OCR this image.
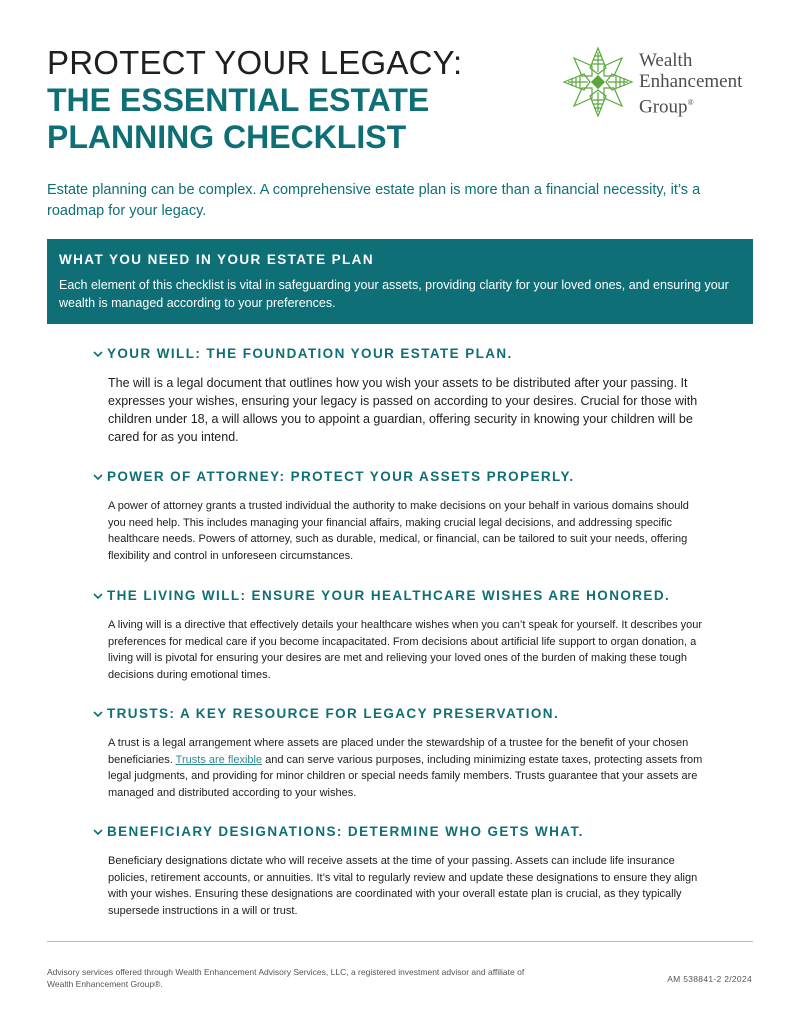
PROTECT YOUR LEGACY:
THE ESSENTIAL ESTATE PLANNING CHECKLIST
Wealth
Enhancement
Group®
Estate planning can be complex. A comprehensive estate plan is more than a financial necessity, it’s a roadmap for your legacy.
WHAT YOU NEED IN YOUR ESTATE PLAN
Each element of this checklist is vital in safeguarding your assets, providing clarity for your loved ones, and ensuring your wealth is managed according to your preferences.
YOUR WILL: THE FOUNDATION YOUR ESTATE PLAN.
The will is a legal document that outlines how you wish your assets to be distributed after your passing. It expresses your wishes, ensuring your legacy is passed on according to your desires. Crucial for those with children under 18, a will allows you to appoint a guardian, offering security in knowing your children will be cared for as you intend.
POWER OF ATTORNEY: PROTECT YOUR ASSETS PROPERLY.
A power of attorney grants a trusted individual the authority to make decisions on your behalf in various domains should you need help. This includes managing your financial affairs, making crucial legal decisions, and addressing specific healthcare needs. Powers of attorney, such as durable, medical, or financial, can be tailored to suit your needs, offering flexibility and control in unforeseen circumstances.
THE LIVING WILL: ENSURE YOUR HEALTHCARE WISHES ARE HONORED.
A living will is a directive that effectively details your healthcare wishes when you can’t speak for yourself. It describes your preferences for medical care if you become incapacitated. From decisions about artificial life support to organ donation, a living will is pivotal for ensuring your desires are met and relieving your loved ones of the burden of making these tough decisions during emotional times.
TRUSTS: A KEY RESOURCE FOR LEGACY PRESERVATION.
A trust is a legal arrangement where assets are placed under the stewardship of a trustee for the benefit of your chosen beneficiaries. Trusts are flexible and can serve various purposes, including minimizing estate taxes, protecting assets from legal judgments, and providing for minor children or special needs family members. Trusts guarantee that your assets are managed and distributed according to your wishes.
BENEFICIARY DESIGNATIONS: DETERMINE WHO GETS WHAT.
Beneficiary designations dictate who will receive assets at the time of your passing. Assets can include life insurance policies, retirement accounts, or annuities. It’s vital to regularly review and update these designations to ensure they align with your wishes. Ensuring these designations are coordinated with your overall estate plan is crucial, as they typically supersede instructions in a will or trust.
Advisory services offered through Wealth Enhancement Advisory Services, LLC, a registered investment advisor and affiliate of Wealth Enhancement Group®.	AM 538841-2 2/2024
